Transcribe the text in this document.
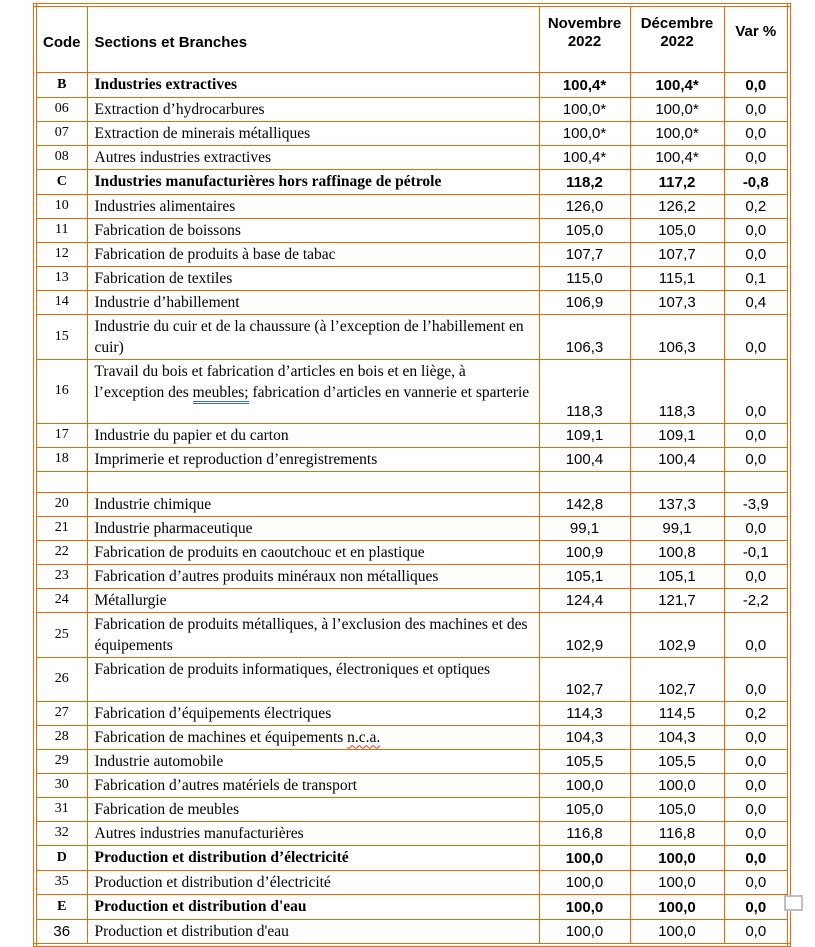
Code	Sections et Branches	Novembre 2022	Décembre 2022	Var %
B	Industries extractives	100,4*	100,4*	0,0
06	Extraction d’hydrocarbures	100,0*	100,0*	0,0
07	Extraction de minerais métalliques	100,0*	100,0*	0,0
08	Autres industries extractives	100,4*	100,4*	0,0
C	Industries manufacturières hors raffinage de pétrole	118,2	117,2	-0,8
10	Industries alimentaires	126,0	126,2	0,2
11	Fabrication de boissons	105,0	105,0	0,0
12	Fabrication de produits à base de tabac	107,7	107,7	0,0
13	Fabrication de textiles	115,0	115,1	0,1
14	Industrie d’habillement	106,9	107,3	0,4
15	Industrie du cuir et de la chaussure (à l’exception de l’habillement en cuir)	106,3	106,3	0,0
16	Travail du bois et fabrication d’articles en bois et en liège, à l’exception des meubles; fabrication d’articles en vannerie et sparterie	118,3	118,3	0,0
17	Industrie du papier et du carton	109,1	109,1	0,0
18	Imprimerie et reproduction d’enregistrements	100,4	100,4	0,0

20	Industrie chimique	142,8	137,3	-3,9
21	Industrie pharmaceutique	99,1	99,1	0,0
22	Fabrication de produits en caoutchouc et en plastique	100,9	100,8	-0,1
23	Fabrication d’autres produits minéraux non métalliques	105,1	105,1	0,0
24	Métallurgie	124,4	121,7	-2,2
25	Fabrication de produits métalliques, à l’exclusion des machines et des équipements	102,9	102,9	0,0
26	Fabrication de produits informatiques, électroniques et optiques	102,7	102,7	0,0
27	Fabrication d’équipements électriques	114,3	114,5	0,2
28	Fabrication de machines et équipements n.c.a.	104,3	104,3	0,0
29	Industrie automobile	105,5	105,5	0,0
30	Fabrication d’autres matériels de transport	100,0	100,0	0,0
31	Fabrication de meubles	105,0	105,0	0,0
32	Autres industries manufacturières	116,8	116,8	0,0
D	Production et distribution d’électricité	100,0	100,0	0,0
35	Production et distribution d’électricité	100,0	100,0	0,0
E	Production et distribution d'eau	100,0	100,0	0,0
36	Production et distribution d'eau	100,0	100,0	0,0
